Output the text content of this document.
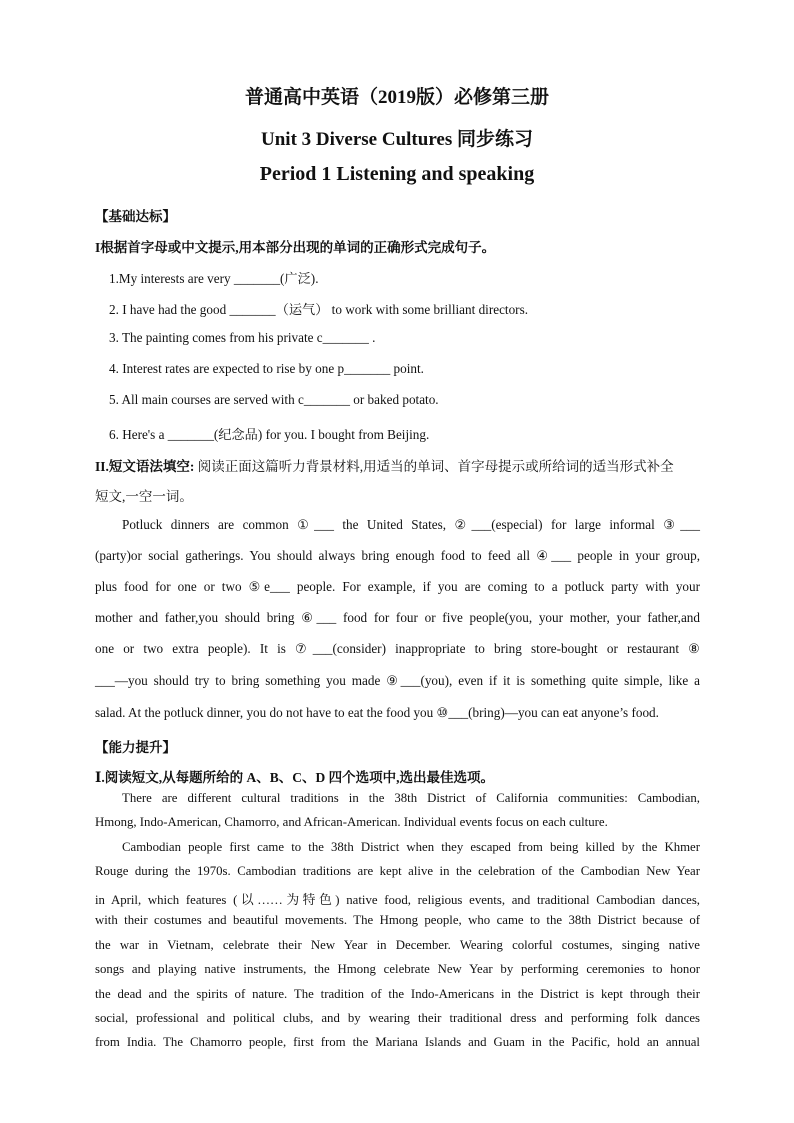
普通高中英语（2019版）必修第三册
Unit 3 Diverse Cultures 同步练习
Period 1 Listening and speaking
【基础达标】
I根据首字母或中文提示,用本部分出现的单词的正确形式完成句子。
1.My interests are very _______(广泛).
2. I have had the good _______（运气） to work with some brilliant directors.
3. The painting comes from his private c_______ .
4. Interest rates are expected to rise by one p_______ point.
5. All main courses are served with c_______ or baked potato.
6. Here's a _______(纪念品) for you. I bought from Beijing.
II.短文语法填空: 阅读正面这篇听力背景材料,用适当的单词、首字母提示或所给词的适当形式补全
短文,一空一词。
Potluck dinners are common ①___ the United States, ②___(especial) for large informal ③___
(party)or social gatherings. You should always bring enough food to feed all ④___ people in your group,
plus food for one or two ⑤e___ people. For example, if you are coming to a potluck party with your
mother and father,you should bring ⑥___ food for four or five people(you, your mother, your father,and
one or two extra people). It is ⑦___(consider) inappropriate to bring store-bought or restaurant ⑧
___—you should try to bring something you made ⑨___(you), even if it is something quite simple, like a
salad. At the potluck dinner, you do not have to eat the food you ⑩___(bring)—you can eat anyone’s food.
【能力提升】
Ⅰ.阅读短文,从每题所给的 A、B、C、D 四个选项中,选出最佳选项。
There are different cultural traditions in the 38th District of California communities: Cambodian,
Hmong, Indo-American, Chamorro, and African-American. Individual events focus on each culture.
Cambodian people first came to the 38th District when they escaped from being killed by the Khmer
Rouge during the 1970s. Cambodian traditions are kept alive in the celebration of the Cambodian New Year
in April, which features (以……为特色) native food, religious events, and traditional Cambodian dances,
with their costumes and beautiful movements. The Hmong people, who came to the 38th District because of
the war in Vietnam, celebrate their New Year in December. Wearing colorful costumes, singing native
songs and playing native instruments, the Hmong celebrate New Year by performing ceremonies to honor
the dead and the spirits of nature. The tradition of the Indo-Americans in the District is kept through their
social, professional and political clubs, and by wearing their traditional dress and performing folk dances
from India. The Chamorro people, first from the Mariana Islands and Guam in the Pacific, hold an annual
